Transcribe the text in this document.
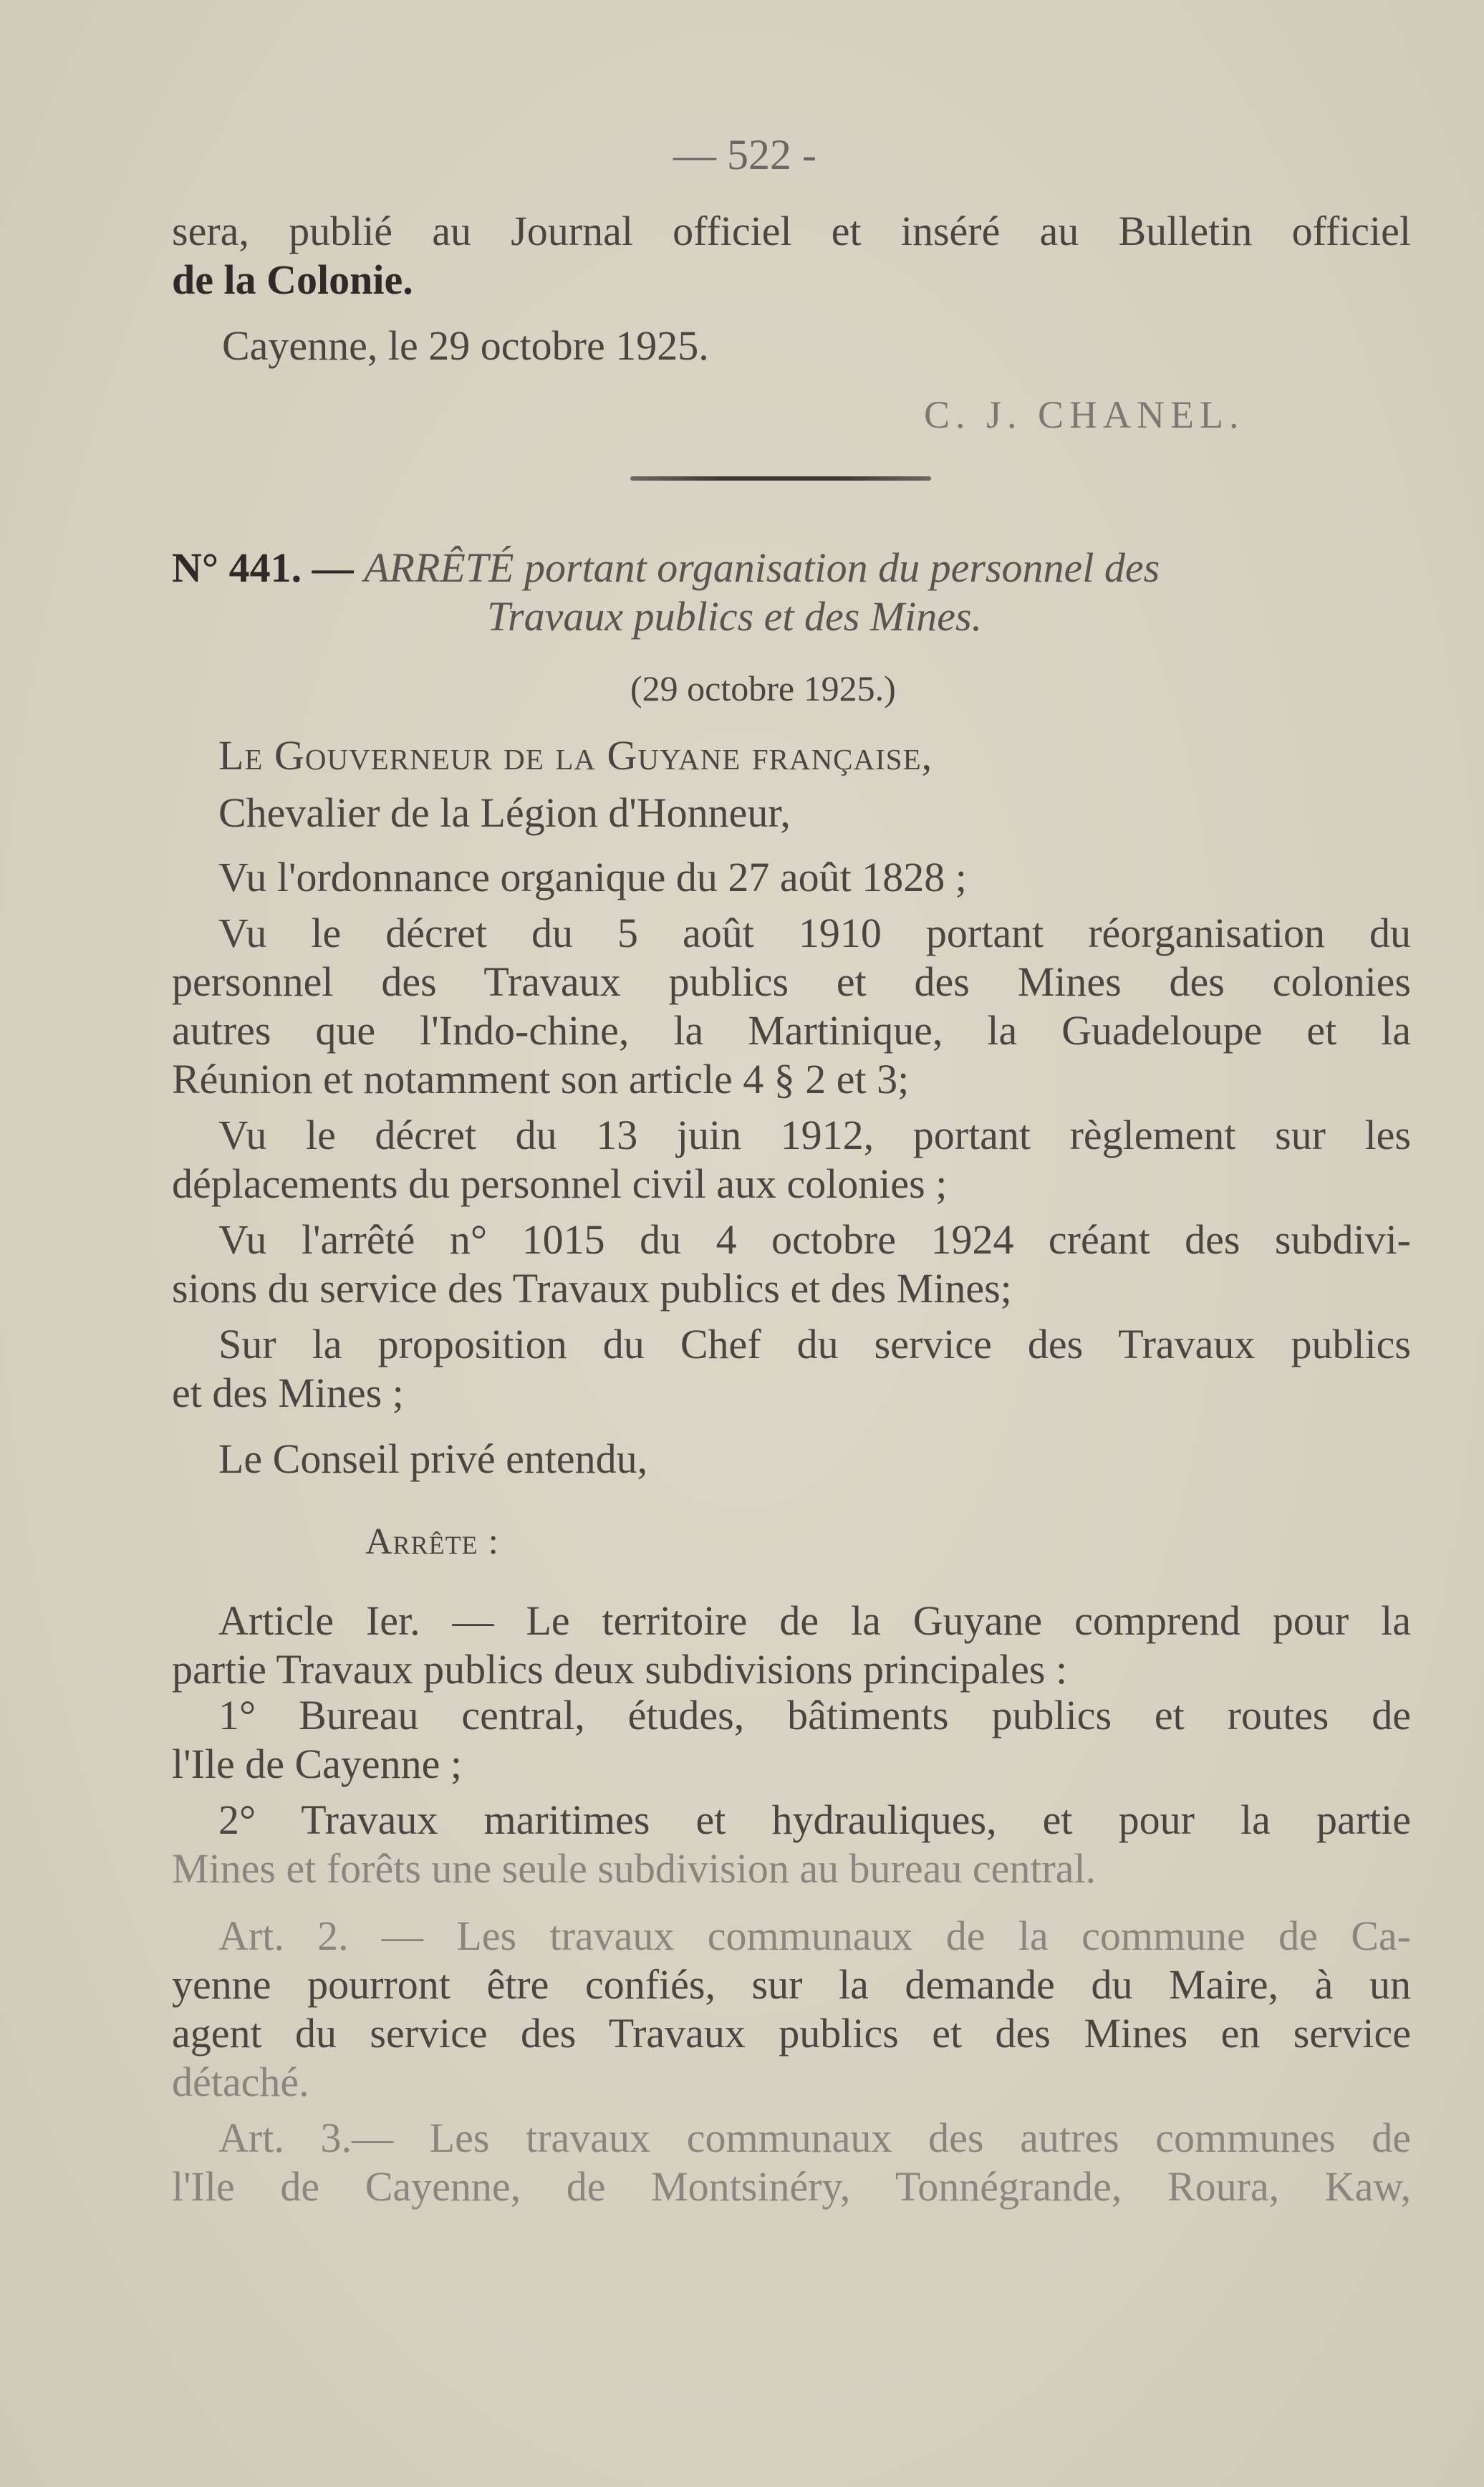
— 522 -
sera, publié au Journal officiel et inséré au Bulletin officiel
de la Colonie.
Cayenne, le 29 octobre 1925.
C. J. CHANEL.
N° 441. — ARRÊTÉ portant organisation du personnel des
Travaux publics et des Mines.
(29 octobre 1925.)
Le Gouverneur de la Guyane française,
Chevalier de la Légion d'Honneur,
Vu l'ordonnance organique du 27 août 1828 ;
Vu le décret du 5 août 1910 portant réorganisation du
personnel des Travaux publics et des Mines des colonies
autres que l'Indo-chine, la Martinique, la Guadeloupe et la
Réunion et notamment son article 4 § 2 et 3;
Vu le décret du 13 juin 1912, portant règlement sur les
déplacements du personnel civil aux colonies ;
Vu l'arrêté n° 1015 du 4 octobre 1924 créant des subdivi-
sions du service des Travaux publics et des Mines;
Sur la proposition du Chef du service des Travaux publics
et des Mines ;
Le Conseil privé entendu,
Arrête :
Article Ier. — Le territoire de la Guyane comprend pour la
partie Travaux publics deux subdivisions principales :
1° Bureau central, études, bâtiments publics et routes de
l'Ile de Cayenne ;
2° Travaux maritimes et hydrauliques, et pour la partie
Mines et forêts une seule subdivision au bureau central.
Art. 2. — Les travaux communaux de la commune de Ca-
yenne pourront être confiés, sur la demande du Maire, à un
agent du service des Travaux publics et des Mines en service
détaché.
Art. 3.— Les travaux communaux des autres communes de
l'Ile de Cayenne, de Montsinéry, Tonnégrande, Roura, Kaw,
